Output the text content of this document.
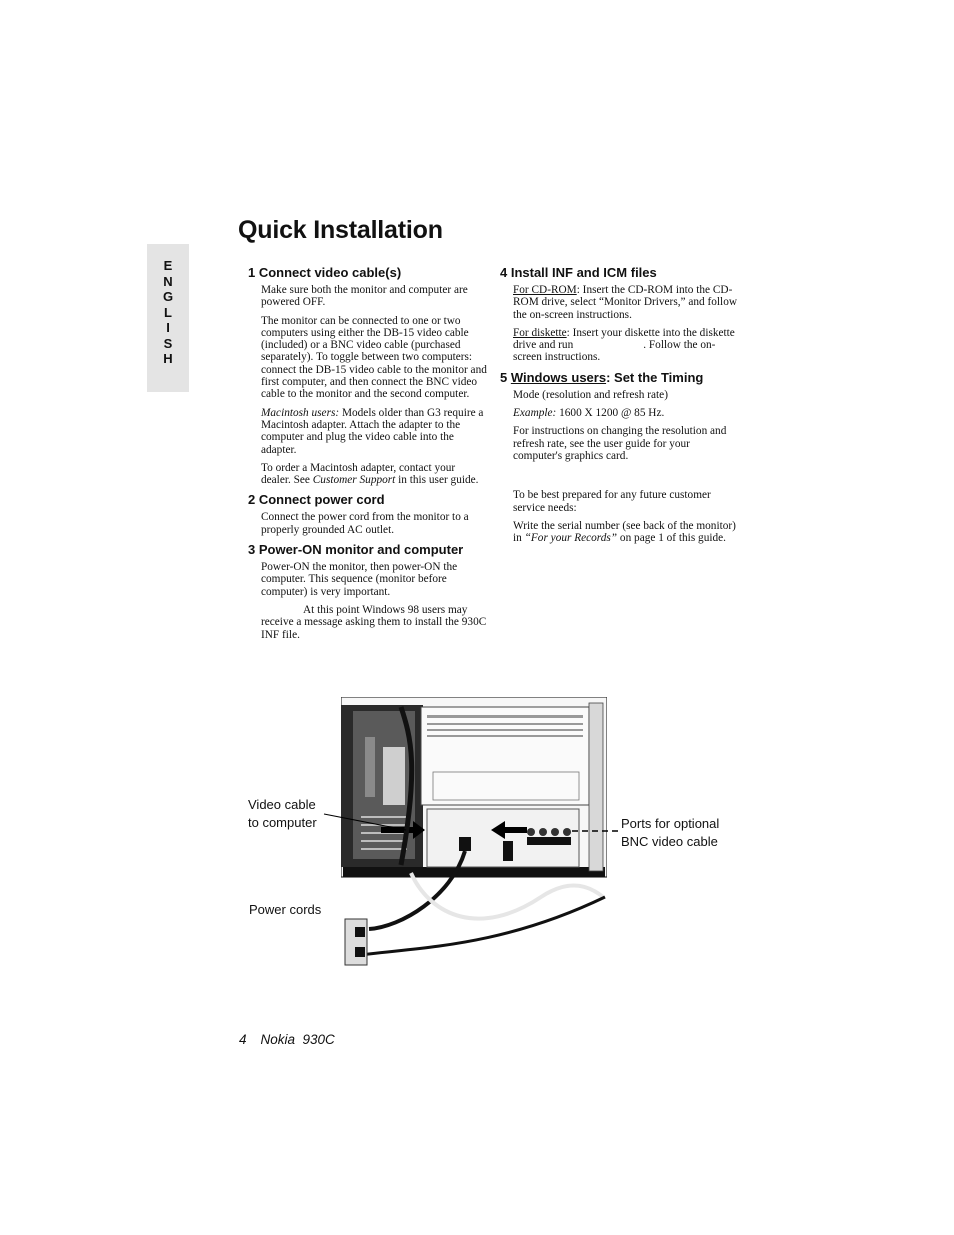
E
N
G
L
I
S
H
Quick Installation
1 Connect video cable(s)

Make sure both the monitor and computer are powered OFF.

The monitor can be connected to one or two computers using either the DB-15 video cable (included) or a BNC video cable (purchased separately). To toggle between two computers: connect the DB-15 video cable to the monitor and first computer, and then connect the BNC video cable to the monitor and the second computer.

Macintosh users: Models older than G3 require a Macintosh adapter. Attach the adapter to the computer and plug the video cable into the adapter.

To order a Macintosh adapter, contact your dealer. See Customer Support in this user guide.

2 Connect power cord

Connect the power cord from the monitor to a properly grounded AC outlet.

3 Power-ON monitor and computer

Power-ON the monitor, then power-ON the computer. This sequence (monitor before computer) is very important.

At this point Windows 98 users may receive a message asking them to install the 930C INF file.

4 Install INF and ICM files

For CD-ROM: Insert the CD-ROM into the CD-ROM drive, select “Monitor Drivers,” and follow the on-screen instructions.

For diskette: Insert your diskette into the diskette drive and run	. Follow the on-screen instructions.

5 Windows users: Set the Timing

Mode (resolution and refresh rate)

Example: 1600 X 1200 @ 85 Hz.

For instructions on changing the resolution and refresh rate, see the user guide for your computer's graphics card.

To be best prepared for any future customer service needs:

Write the serial number (see back of the monitor) in “For your Records” on page 1 of this guide.

Video cable
to computer	Ports for optional
BNC video cable
Power cords
4 Nokia  930C
